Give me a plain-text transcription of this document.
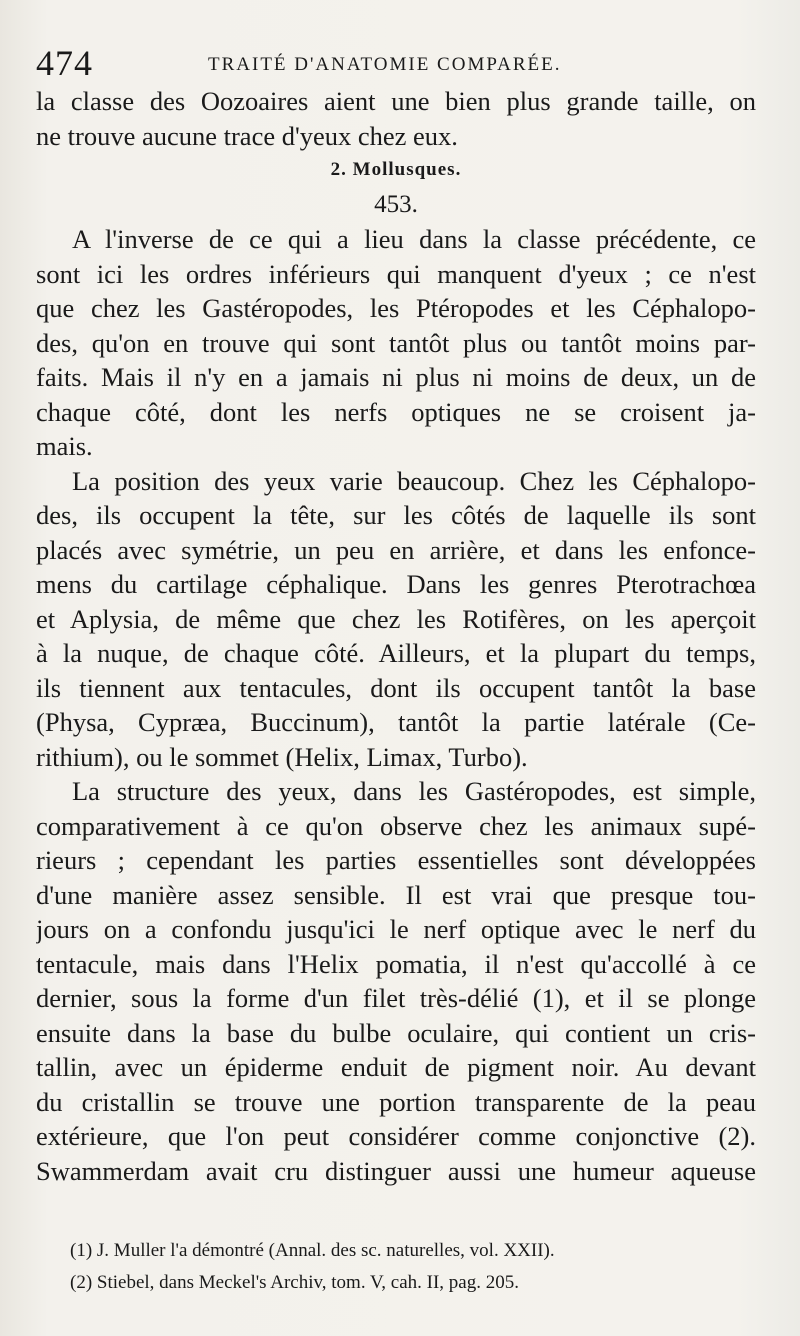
474	TRAITÉ D'ANATOMIE COMPARÉE.
la classe des Oozoaires aient une bien plus grande taille, on
ne trouve aucune trace d'yeux chez eux.
2. Mollusques.
453.
A l'inverse de ce qui a lieu dans la classe précédente, ce
sont ici les ordres inférieurs qui manquent d'yeux ; ce n'est
que chez les Gastéropodes, les Ptéropodes et les Céphalopo-
des, qu'on en trouve qui sont tantôt plus ou tantôt moins par-
faits. Mais il n'y en a jamais ni plus ni moins de deux, un de
chaque côté, dont les nerfs optiques ne se croisent ja-
mais.
La position des yeux varie beaucoup. Chez les Céphalopo-
des, ils occupent la tête, sur les côtés de laquelle ils sont
placés avec symétrie, un peu en arrière, et dans les enfonce-
mens du cartilage céphalique. Dans les genres Pterotrachœa
et Aplysia, de même que chez les Rotifères, on les aperçoit
à la nuque, de chaque côté. Ailleurs, et la plupart du temps,
ils tiennent aux tentacules, dont ils occupent tantôt la base
(Physa, Cypræa, Buccinum), tantôt la partie latérale (Ce-
rithium), ou le sommet (Helix, Limax, Turbo).
La structure des yeux, dans les Gastéropodes, est simple,
comparativement à ce qu'on observe chez les animaux supé-
rieurs ; cependant les parties essentielles sont développées
d'une manière assez sensible. Il est vrai que presque tou-
jours on a confondu jusqu'ici le nerf optique avec le nerf du
tentacule, mais dans l'Helix pomatia, il n'est qu'accollé à ce
dernier, sous la forme d'un filet très-délié (1), et il se plonge
ensuite dans la base du bulbe oculaire, qui contient un cris-
tallin, avec un épiderme enduit de pigment noir. Au devant
du cristallin se trouve une portion transparente de la peau
extérieure, que l'on peut considérer comme conjonctive (2).
Swammerdam avait cru distinguer aussi une humeur aqueuse
(1) J. Muller l'a démontré (Annal. des sc. naturelles, vol. XXII).
(2) Stiebel, dans Meckel's Archiv, tom. V, cah. II, pag. 205.
